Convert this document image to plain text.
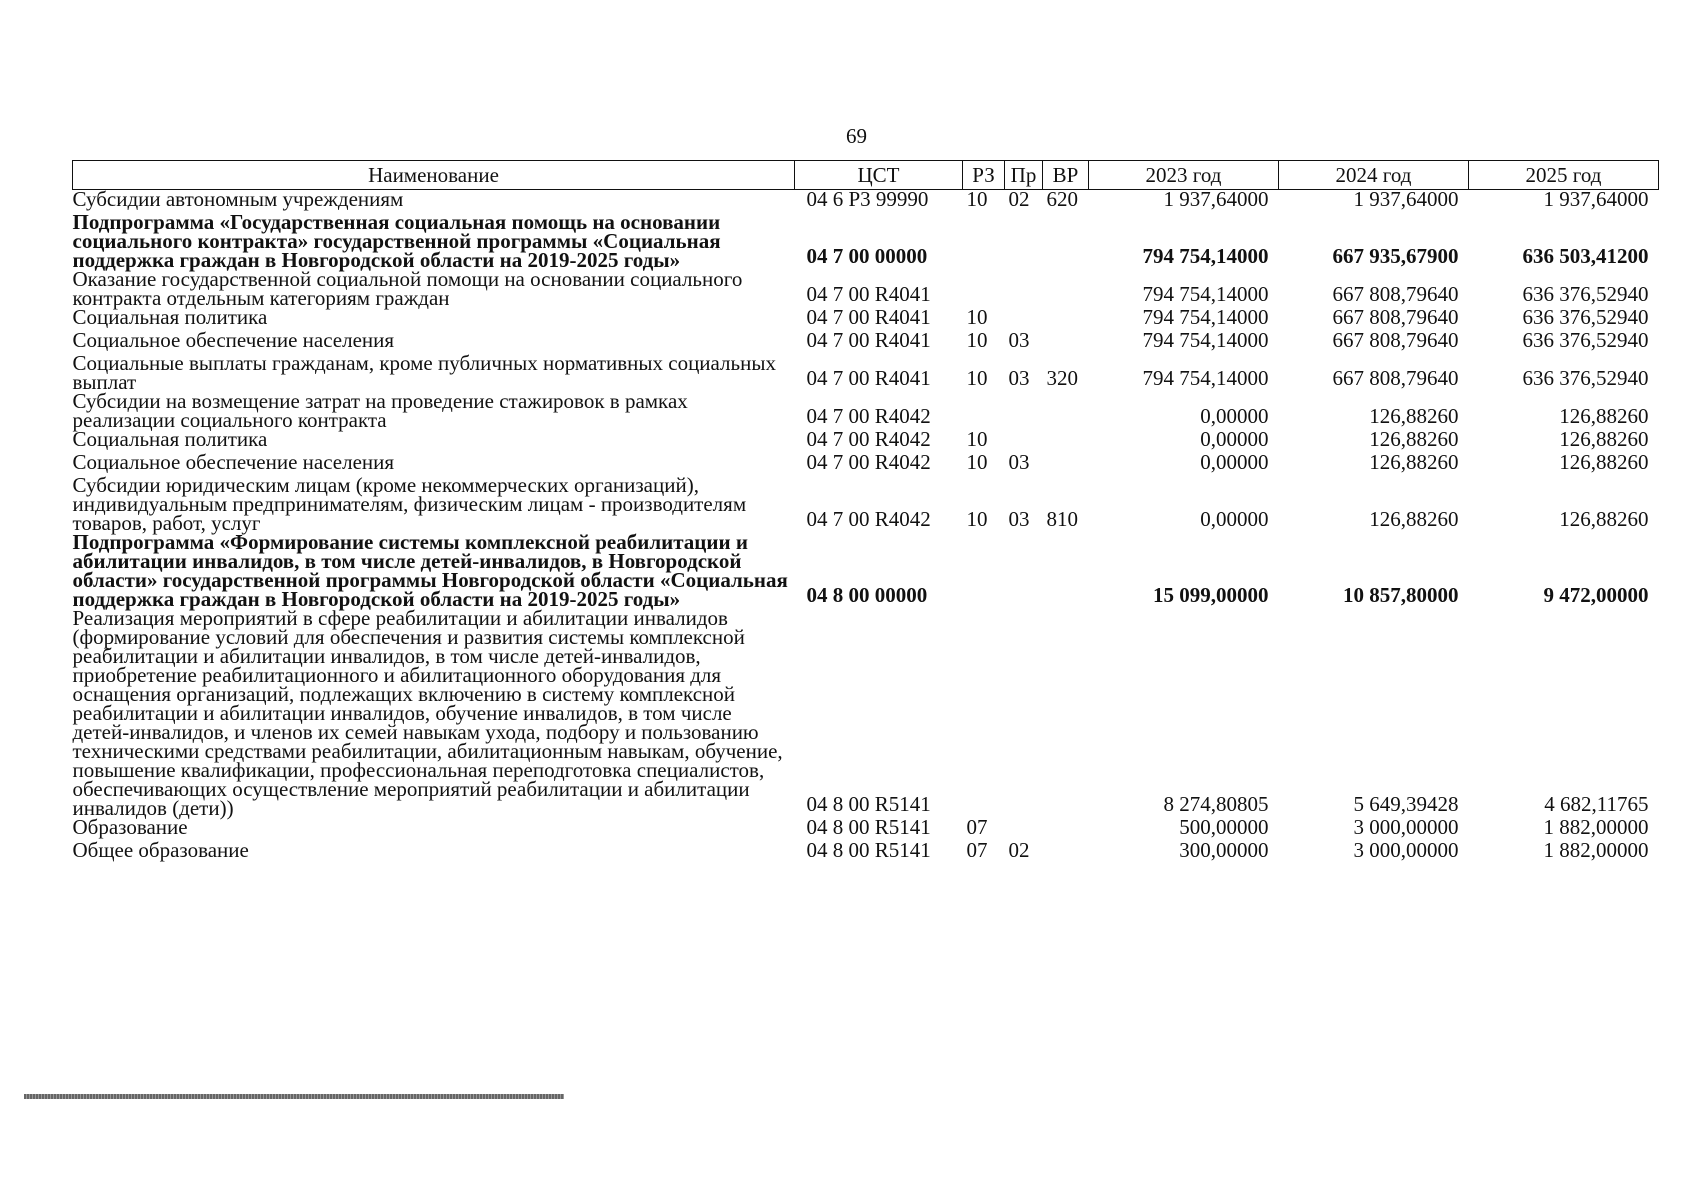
69
Наименование	ЦСТ	РЗ	Пр	ВР	2023 год	2024 год	2025 год
Субсидии автономным учреждениям	04 6 Р3 99990	10	02	620	1 937,64000	1 937,64000	1 937,64000
Подпрограмма «Государственная социальная помощь на основании социального контракта» государственной программы «Социальная поддержка граждан в Новгородской области на 2019-2025 годы»	04 7 00 00000				794 754,14000	667 935,67900	636 503,41200
Оказание государственной социальной помощи на основании социального контракта отдельным категориям граждан	04 7 00 R4041				794 754,14000	667 808,79640	636 376,52940
Социальная политика	04 7 00 R4041	10			794 754,14000	667 808,79640	636 376,52940
Социальное обеспечение населения	04 7 00 R4041	10	03		794 754,14000	667 808,79640	636 376,52940
Социальные выплаты гражданам, кроме публичных нормативных социальных выплат	04 7 00 R4041	10	03	320	794 754,14000	667 808,79640	636 376,52940
Субсидии на возмещение затрат на проведение стажировок в рамках реализации социального контракта	04 7 00 R4042				0,00000	126,88260	126,88260
Социальная политика	04 7 00 R4042	10			0,00000	126,88260	126,88260
Социальное обеспечение населения	04 7 00 R4042	10	03		0,00000	126,88260	126,88260
Субсидии юридическим лицам (кроме некоммерческих организаций), индивидуальным предпринимателям, физическим лицам - производителям товаров, работ, услуг	04 7 00 R4042	10	03	810	0,00000	126,88260	126,88260
Подпрограмма «Формирование системы комплексной реабилитации и абилитации инвалидов, в том числе детей-инвалидов, в Новгородской области» государственной программы Новгородской области «Социальная поддержка граждан в Новгородской области на 2019-2025 годы»	04 8 00 00000				15 099,00000	10 857,80000	9 472,00000
Реализация мероприятий в сфере реабилитации и абилитации инвалидов (формирование условий для обеспечения и развития системы комплексной реабилитации и абилитации инвалидов, в том числе детей-инвалидов, приобретение реабилитационного и абилитационного оборудования для оснащения организаций, подлежащих включению в систему комплексной реабилитации и абилитации инвалидов, обучение инвалидов, в том числе детей-инвалидов, и членов их семей навыкам ухода, подбору и пользованию техническими средствами реабилитации, абилитационным навыкам, обучение, повышение квалификации, профессиональная переподготовка специалистов, обеспечивающих осуществление мероприятий реабилитации и абилитации инвалидов (дети))	04 8 00 R5141				8 274,80805	5 649,39428	4 682,11765
Образование	04 8 00 R5141	07			500,00000	3 000,00000	1 882,00000
Общее образование	04 8 00 R5141	07	02		300,00000	3 000,00000	1 882,00000
